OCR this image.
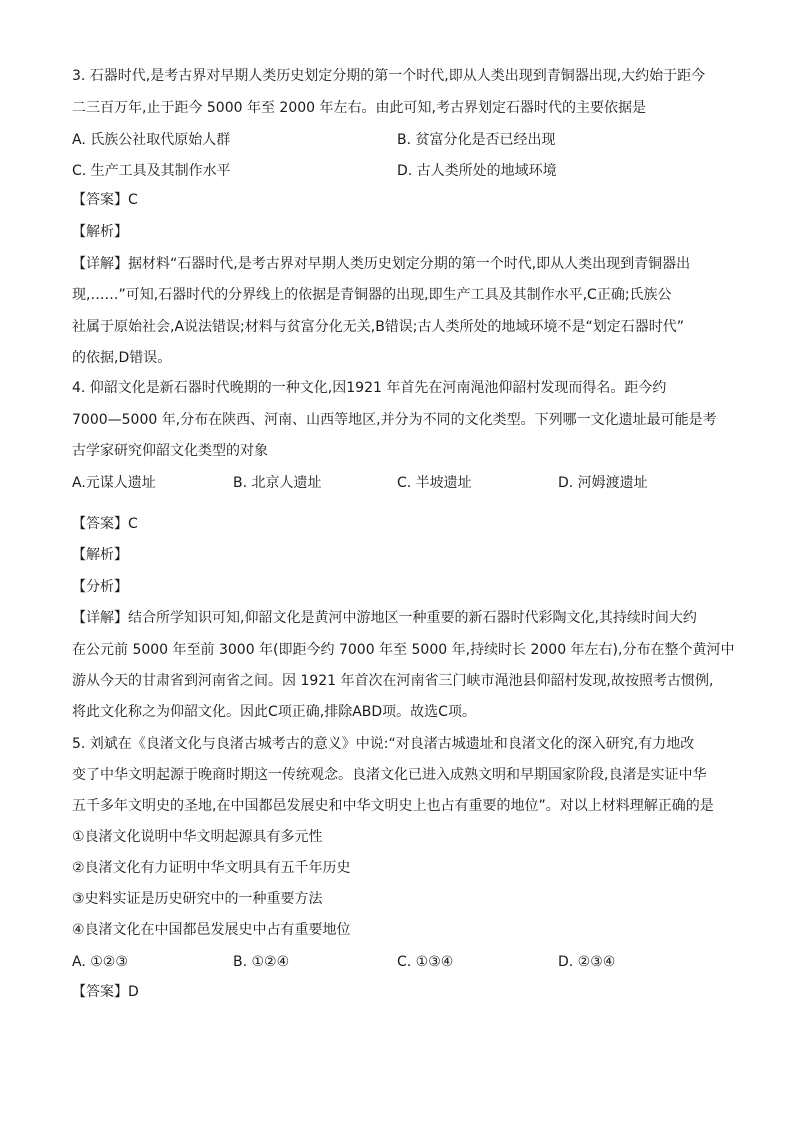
3. 石器时代,是考古界对早期人类历史划定分期的第一个时代,即从人类出现到青铜器出现,大约始于距今
二三百万年,止于距今 5000 年至 2000 年左右。由此可知,考古界划定石器时代的主要依据是
A. 氏族公社取代原始人群	B. 贫富分化是否已经出现
C. 生产工具及其制作水平	D. 古人类所处的地域环境
【答案】C
【解析】
【详解】据材料“石器时代,是考古界对早期人类历史划定分期的第一个时代,即从人类出现到青铜器出
现,……”可知,石器时代的分界线上的依据是青铜器的出现,即生产工具及其制作水平,C正确;氏族公
社属于原始社会,A说法错误;材料与贫富分化无关,B错误;古人类所处的地域环境不是“划定石器时代”
的依据,D错误。
4. 仰韶文化是新石器时代晚期的一种文化,因1921 年首先在河南渑池仰韶村发现而得名。距今约
7000—5000 年,分布在陕西、河南、山西等地区,并分为不同的文化类型。下列哪一文化遗址最可能是考
古学家研究仰韶文化类型的对象
A.元谋人遗址	B. 北京人遗址	C. 半坡遗址	D. 河姆渡遗址
【答案】C
【解析】
【分析】
【详解】结合所学知识可知,仰韶文化是黄河中游地区一种重要的新石器时代彩陶文化,其持续时间大约
在公元前 5000 年至前 3000 年(即距今约 7000 年至 5000 年,持续时长 2000 年左右),分布在整个黄河中
游从今天的甘肃省到河南省之间。因 1921 年首次在河南省三门峡市渑池县仰韶村发现,故按照考古惯例,
将此文化称之为仰韶文化。因此C项正确,排除ABD项。故选C项。
5. 刘斌在《良渚文化与良渚古城考古的意义》中说:“对良渚古城遗址和良渚文化的深入研究,有力地改
变了中华文明起源于晚商时期这一传统观念。良渚文化已进入成熟文明和早期国家阶段,良渚是实证中华
五千多年文明史的圣地,在中国都邑发展史和中华文明史上也占有重要的地位”。对以上材料理解正确的是
①良渚文化说明中华文明起源具有多元性
②良渚文化有力证明中华文明具有五千年历史
③史料实证是历史研究中的一种重要方法
④良渚文化在中国都邑发展史中占有重要地位
A. ①②③	B. ①②④	C. ①③④	D. ②③④
【答案】D
